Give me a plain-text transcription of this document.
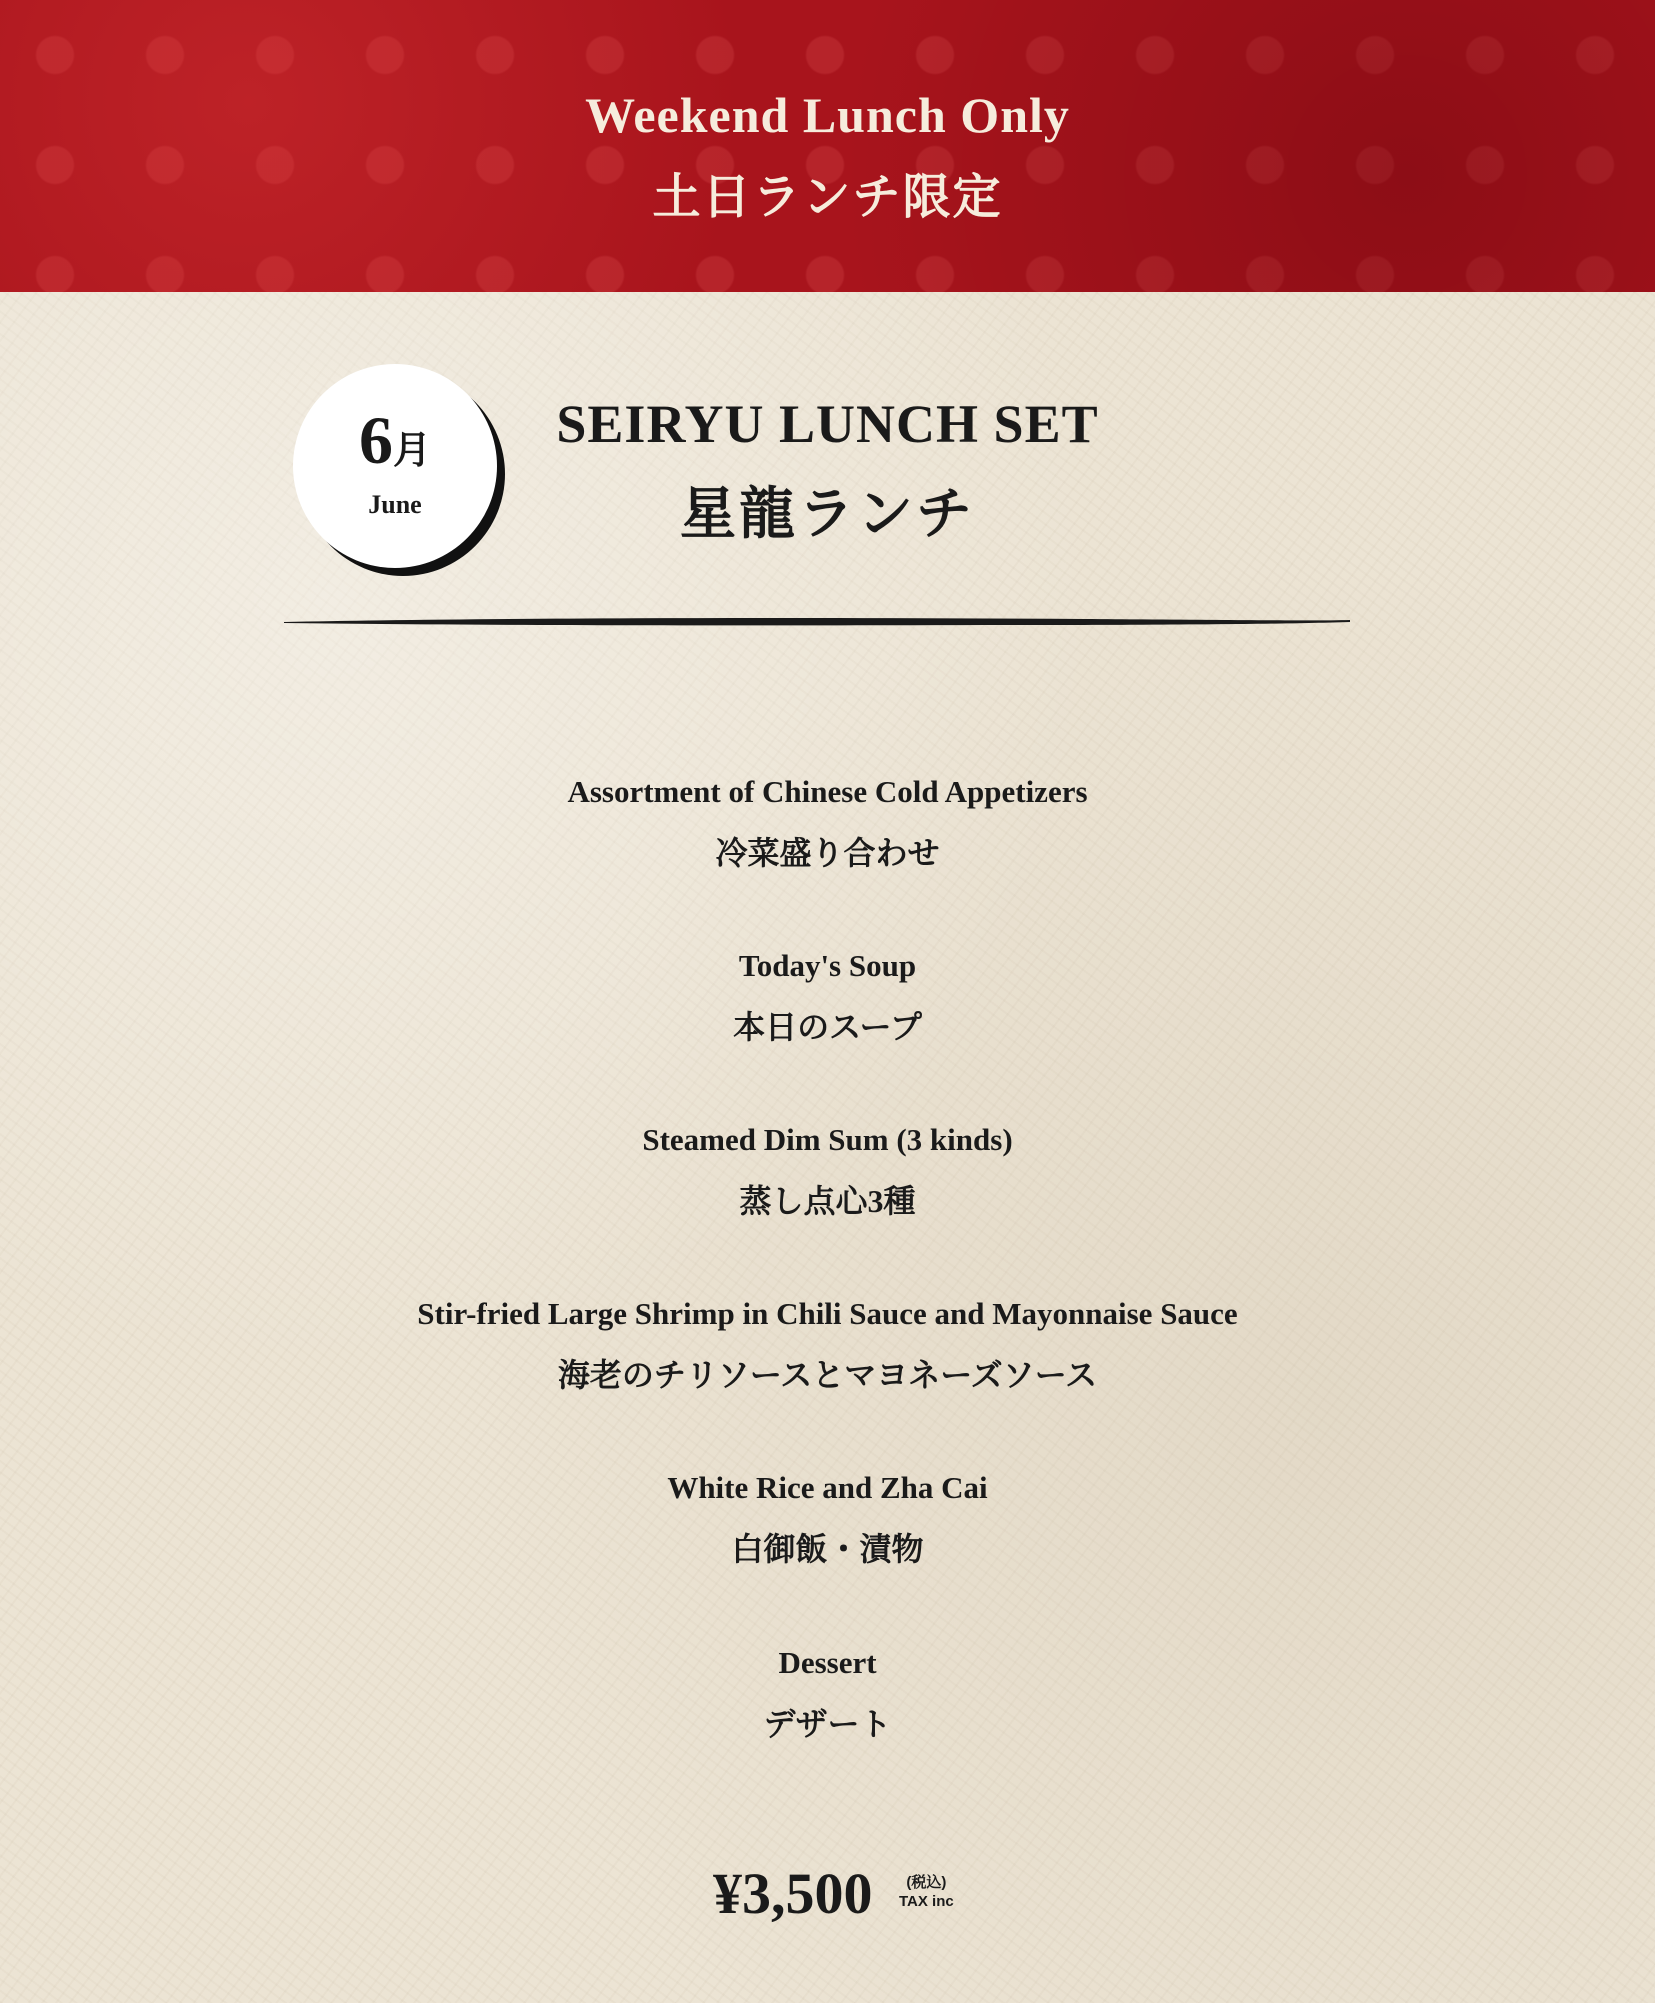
Weekend Lunch Only
土日ランチ限定
6月
June
SEIRYU LUNCH SET
星龍ランチ
Assortment of Chinese Cold Appetizers
冷菜盛り合わせ
Today's Soup
本日のスープ
Steamed Dim Sum (3 kinds)
蒸し点心3種
Stir-fried Large Shrimp in Chili Sauce and Mayonnaise Sauce
海老のチリソースとマヨネーズソース
White Rice and Zha Cai
白御飯・漬物
Dessert
デザート
¥3,500	(税込)
TAX inc
